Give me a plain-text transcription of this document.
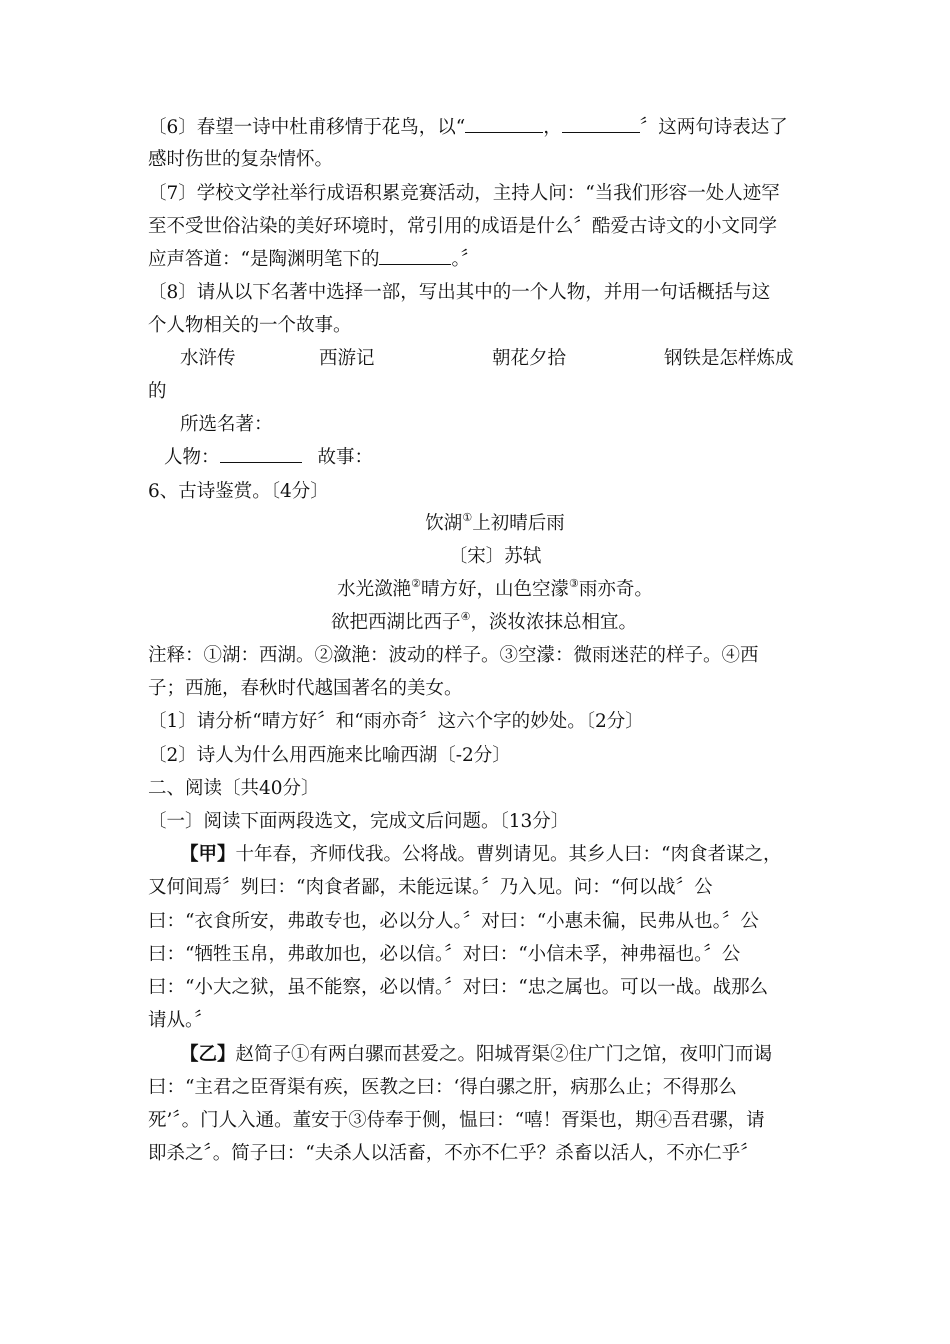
〔6〕春望一诗中杜甫移情于花鸟，以“	，	〞这两句诗表达了
感时伤世的复杂情怀。
〔7〕学校文学社举行成语积累竞赛活动，主持人问：“当我们形容一处人迹罕
至不受世俗沾染的美好环境时，常引用的成语是什么〞酷爱古诗文的小文同学
应声答道：“是陶渊明笔下的	。〞
〔8〕请从以下名著中选择一部，写出其中的一个人物，并用一句话概括与这
个人物相关的一个故事。
水浒传	西游记	朝花夕拾	钢铁是怎样炼成
的
所选名著：
人物：	故事：
6、古诗鉴赏。〔4分〕
饮湖①上初晴后雨
〔宋〕苏轼
水光潋滟②晴方好，山色空濛③雨亦奇。
欲把西湖比西子④，淡妆浓抹总相宜。
注释：①湖：西湖。②潋滟：波动的样子。③空濛：微雨迷茫的样子。④西
子；西施，春秋时代越国著名的美女。
〔1〕请分析“晴方好〞和“雨亦奇〞这六个字的妙处。〔2分〕
〔2〕诗人为什么用西施来比喻西湖〔-2分〕
二、阅读〔共40分〕
〔一〕阅读下面两段选文，完成文后问题。〔13分〕
【甲】十年春，齐师伐我。公将战。曹刿请见。其乡人曰：“肉食者谋之，
又何间焉〞刿曰：“肉食者鄙，未能远谋。〞乃入见。问：“何以战〞公
曰：“衣食所安，弗敢专也，必以分人。〞对曰：“小惠未徧，民弗从也。〞公
曰：“牺牲玉帛，弗敢加也，必以信。〞对曰：“小信未孚，神弗福也。〞公
曰：“小大之狱，虽不能察，必以情。〞对曰：“忠之属也。可以一战。战那么
请从。〞
【乙】赵简子①有两白骡而甚爱之。阳城胥渠②住广门之馆，夜叩门而谒
曰：“主君之臣胥渠有疾，医教之曰：‘得白骡之肝，病那么止；不得那么
死’〞。门人入通。董安于③侍奉于侧，愠曰：“嘻！胥渠也，期④吾君骡，请
即杀之〞。简子曰：“夫杀人以活畜，不亦不仁乎？杀畜以活人，不亦仁乎〞
